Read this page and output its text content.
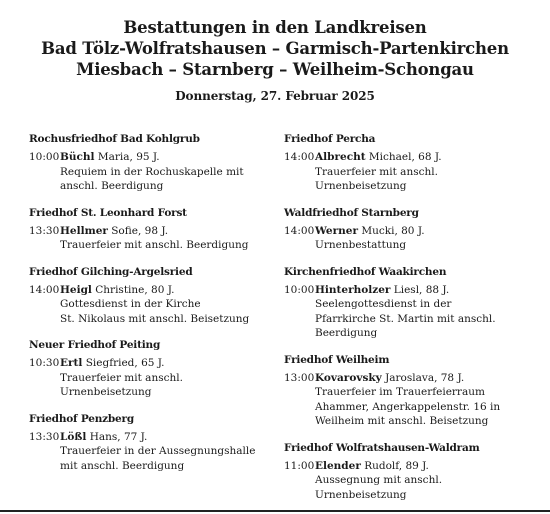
Bestattungen in den Landkreisen
Bad Tölz-Wolfratshausen – Garmisch-Partenkirchen
Miesbach – Starnberg – Weilheim-Schongau
Donnerstag, 27. Februar 2025
Rochusfriedhof Bad Kohlgrub
10:00 Büchl Maria, 95 J.
Requiem in der Rochuskapelle mit
anschl. Beerdigung
Friedhof St. Leonhard Forst
13:30 Hellmer Sofie, 98 J.
Trauerfeier mit anschl. Beerdigung
Friedhof Gilching-Argelsried
14:00 Heigl Christine, 80 J.
Gottesdienst in der Kirche
St. Nikolaus mit anschl. Beisetzung
Neuer Friedhof Peiting
10:30 Ertl Siegfried, 65 J.
Trauerfeier mit anschl.
Urnenbeisetzung
Friedhof Penzberg
13:30 Lößl Hans, 77 J.
Trauerfeier in der Aussegnungshalle
mit anschl. Beerdigung
Friedhof Percha
14:00 Albrecht Michael, 68 J.
Trauerfeier mit anschl.
Urnenbeisetzung
Waldfriedhof Starnberg
14:00 Werner Mucki, 80 J.
Urnenbestattung
Kirchenfriedhof Waakirchen
10:00 Hinterholzer Liesl, 88 J.
Seelengottesdienst in der
Pfarrkirche St. Martin mit anschl.
Beerdigung
Friedhof Weilheim
13:00 Kovarovsky Jaroslava, 78 J.
Trauerfeier im Trauerfeierraum
Ahammer, Angerkappelenstr. 16 in
Weilheim mit anschl. Beisetzung
Friedhof Wolfratshausen-Waldram
11:00 Elender Rudolf, 89 J.
Aussegnung mit anschl.
Urnenbeisetzung
